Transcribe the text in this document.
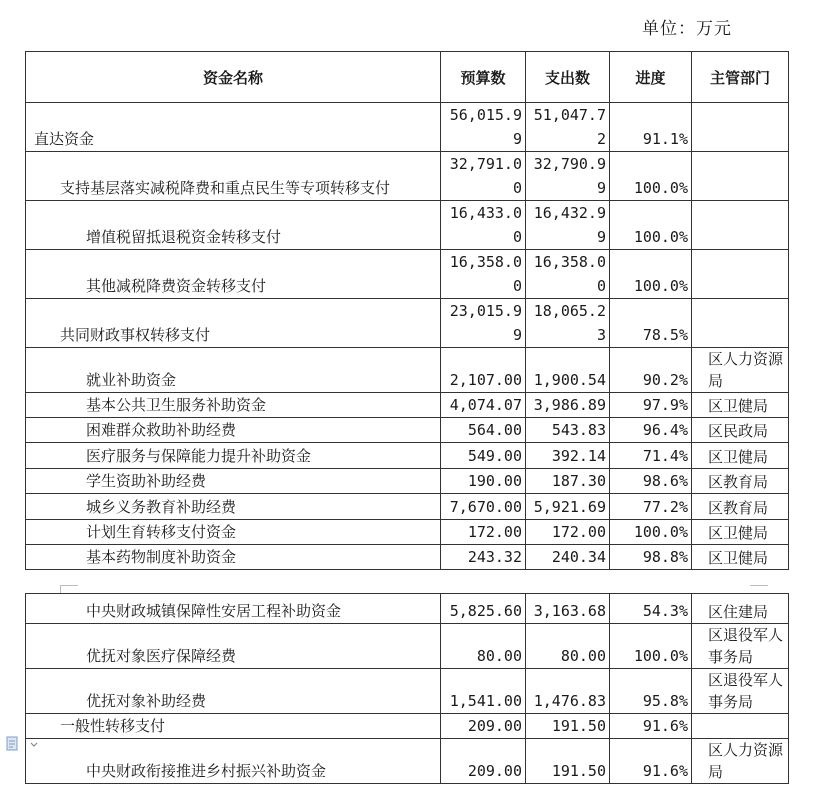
单位：万元
资金名称	预算数	支出数	进度	主管部门
直达资金	56,015.99	51,047.72	91.1%	
支持基层落实减税降费和重点民生等专项转移支付	32,791.00	32,790.99	100.0%	
增值税留抵退税资金转移支付	16,433.00	16,432.99	100.0%	
其他减税降费资金转移支付	16,358.00	16,358.00	100.0%	
共同财政事权转移支付	23,015.99	18,065.23	78.5%	
就业补助资金	2,107.00	1,900.54	90.2%	区人力资源局
基本公共卫生服务补助资金	4,074.07	3,986.89	97.9%	区卫健局
困难群众救助补助经费	564.00	543.83	96.4%	区民政局
医疗服务与保障能力提升补助资金	549.00	392.14	71.4%	区卫健局
学生资助补助经费	190.00	187.30	98.6%	区教育局
城乡义务教育补助经费	7,670.00	5,921.69	77.2%	区教育局
计划生育转移支付资金	172.00	172.00	100.0%	区卫健局
基本药物制度补助资金	243.32	240.34	98.8%	区卫健局
中央财政城镇保障性安居工程补助资金	5,825.60	3,163.68	54.3%	区住建局
优抚对象医疗保障经费	80.00	80.00	100.0%	区退役军人事务局
优抚对象补助经费	1,541.00	1,476.83	95.8%	区退役军人事务局
一般性转移支付	209.00	191.50	91.6%	
中央财政衔接推进乡村振兴补助资金	209.00	191.50	91.6%	区人力资源局
